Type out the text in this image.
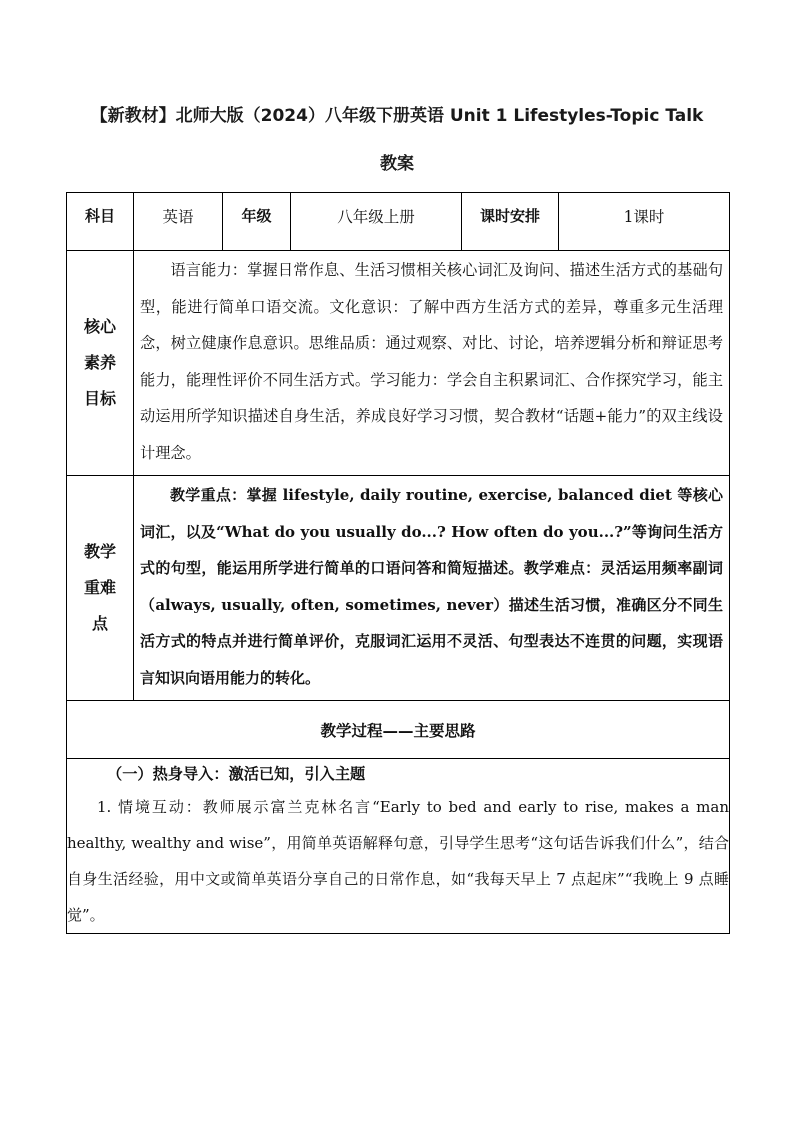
【新教材】北师大版（2024）八年级下册英语 Unit 1 Lifestyles-Topic Talk
教案
科目	英语	年级	八年级上册	课时安排	1课时

核心素养目标	语言能力：掌握日常作息、生活习惯相关核心词汇及询问、描述生活方式的基础句型，能进行简单口语交流。文化意识：了解中西方生活方式的差异，尊重多元生活理念，树立健康作息意识。思维品质：通过观察、对比、讨论，培养逻辑分析和辩证思考能力，能理性评价不同生活方式。学习能力：学会自主积累词汇、合作探究学习，能主动运用所学知识描述自身生活，养成良好学习习惯，契合教材“话题+能力”的双主线设计理念。				

教学重难点	教学重点：掌握 lifestyle, daily routine, exercise, balanced diet 等核心词汇，以及“What do you usually do...? How often do you...?”等询问生活方式的句型，能运用所学进行简单的口语问答和简短描述。教学难点：灵活运用频率副词（always, usually, often, sometimes, never）描述生活习惯，准确区分不同生活方式的特点并进行简单评价，克服词汇运用不灵活、句型表达不连贯的问题，实现语言知识向语用能力的转化。				

教学过程——主要思路					

（一）热身导入：激活已知，引入主题
1. 情境互动：教师展示富兰克林名言“Early to bed and early to rise, makes a man healthy, wealthy and wise”，用简单英语解释句意，引导学生思考“这句话告诉我们什么”，结合自身生活经验，用中文或简单英语分享自己的日常作息，如“我每天早上 7 点起床”“我晚上 9 点睡觉”。					
